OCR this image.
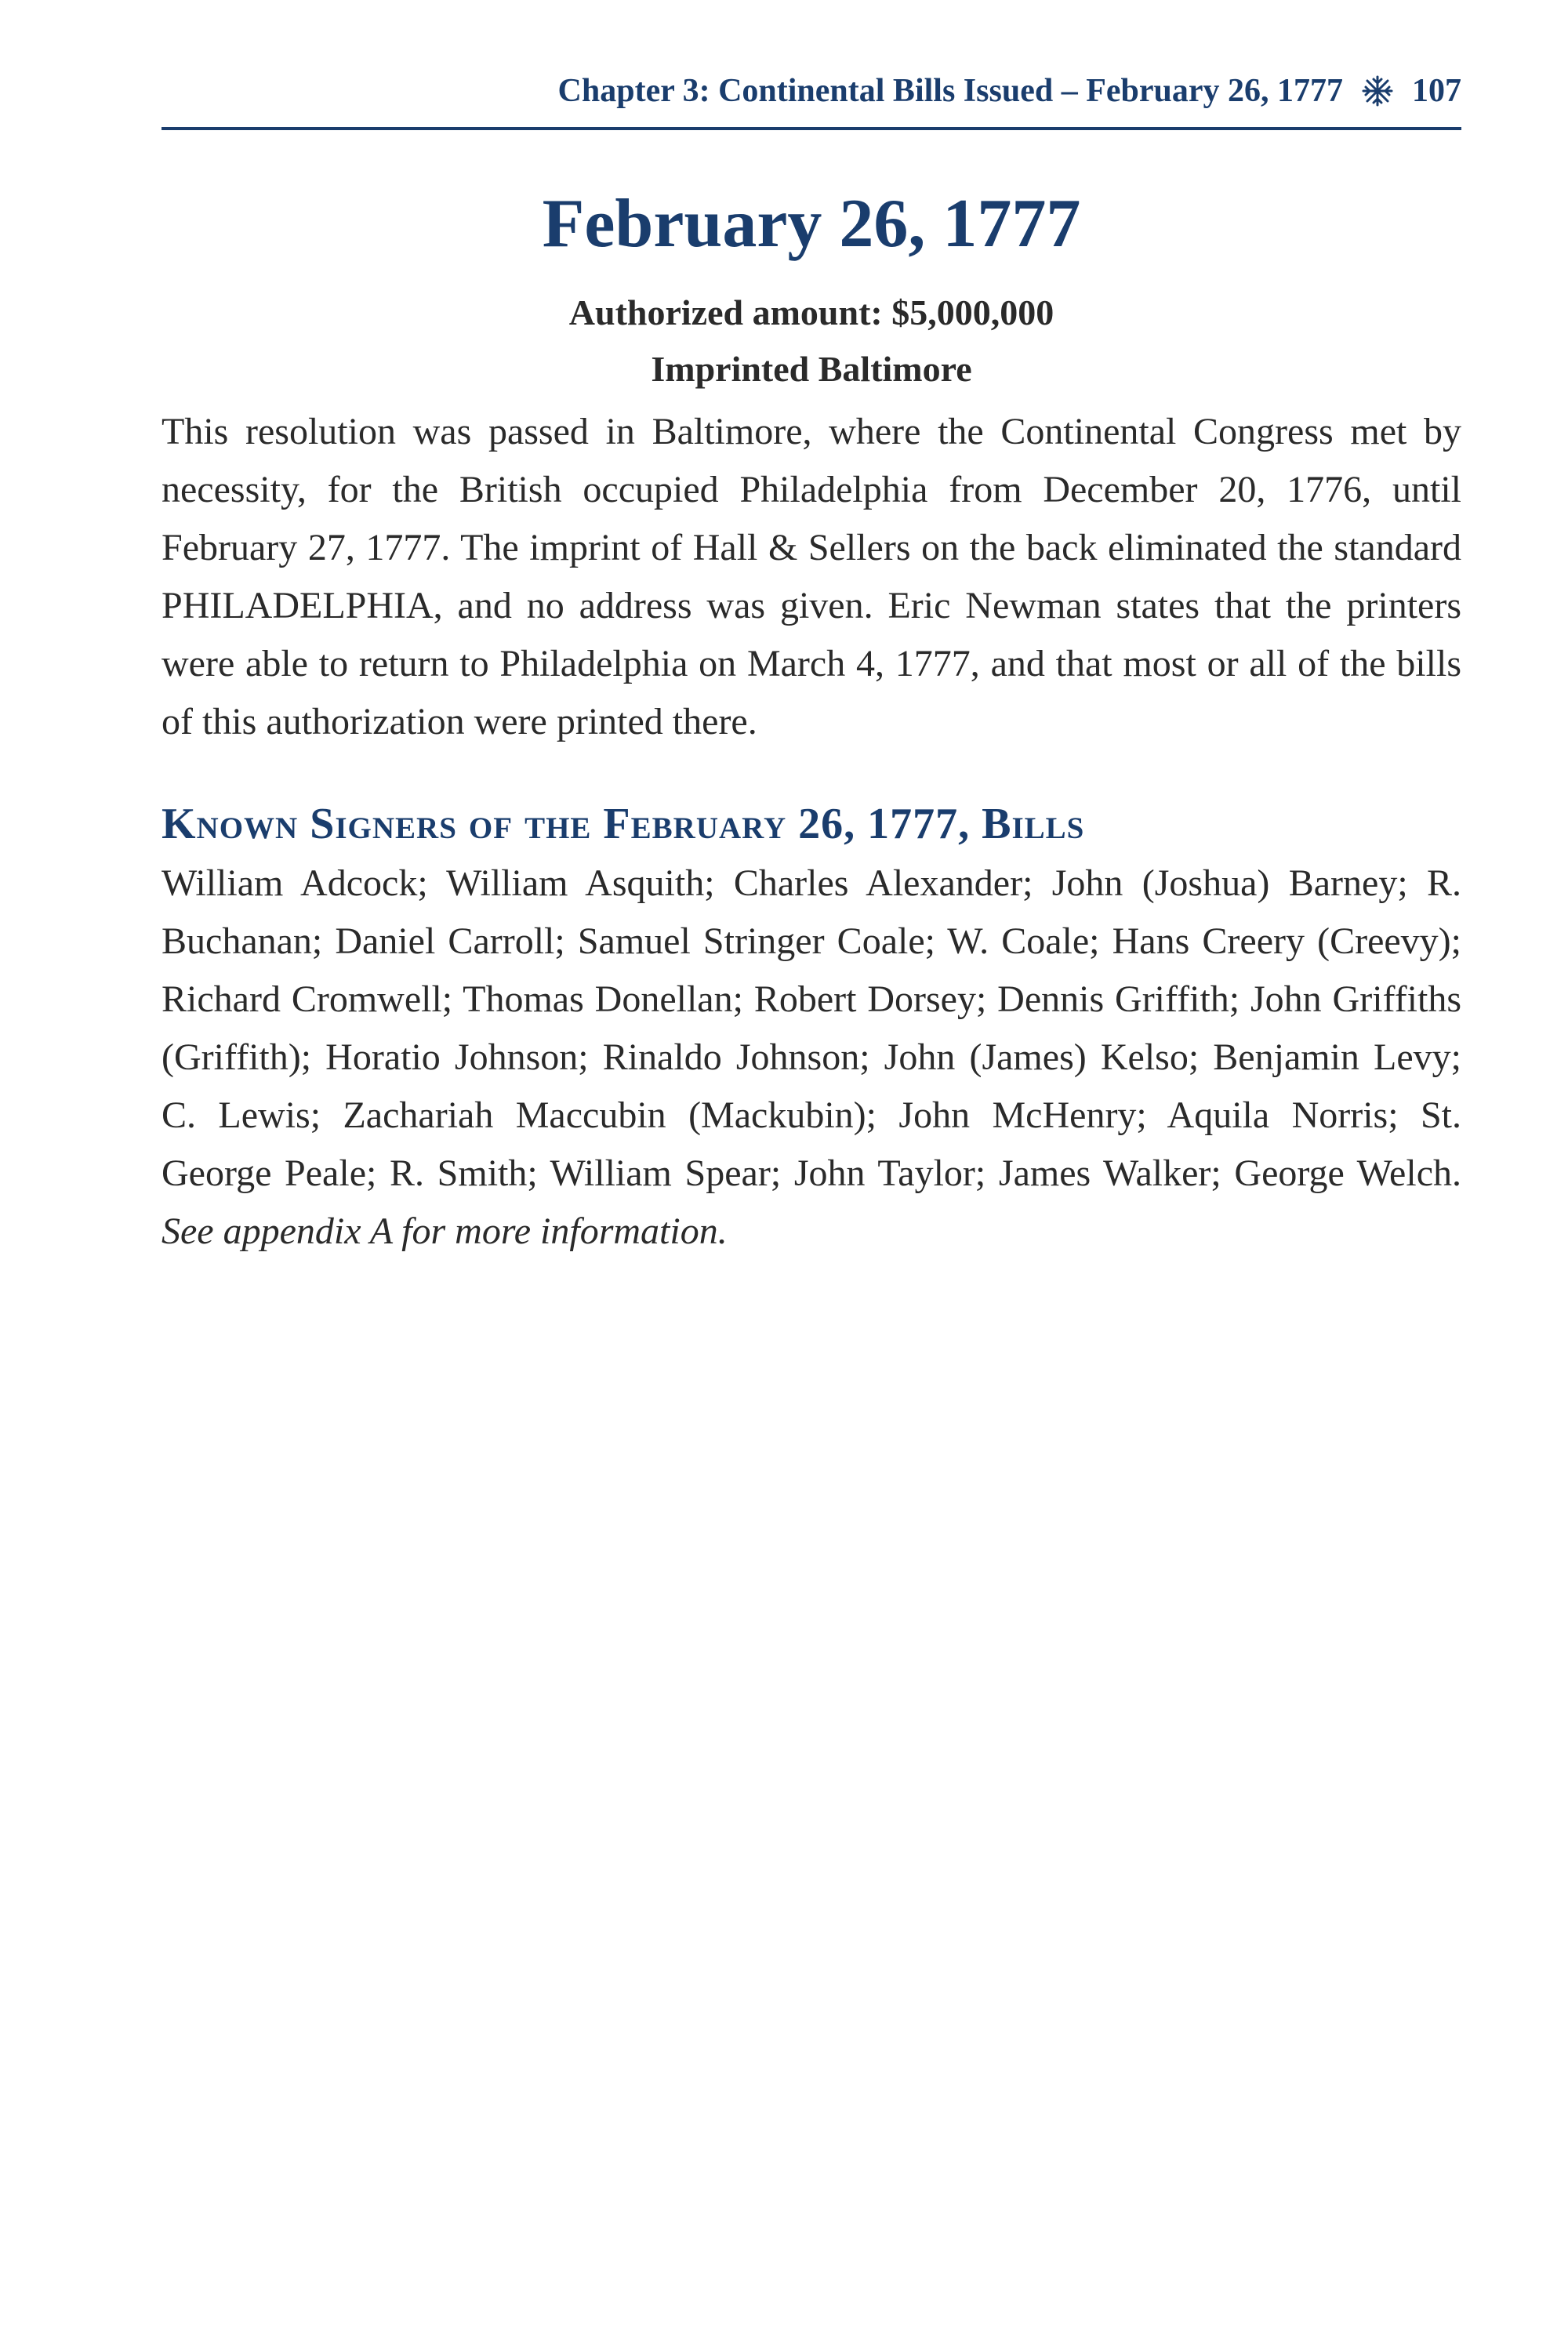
Chapter 3: Continental Bills Issued – February 26, 1777 107
February 26, 1777
Authorized amount: $5,000,000
Imprinted Baltimore

This resolution was passed in Baltimore, where the Continental Congress met by necessity, for the British occupied Philadelphia from December 20, 1776, until February 27, 1777. The imprint of Hall & Sellers on the back eliminated the standard PHILADELPHIA, and no address was given. Eric Newman states that the printers were able to return to Philadelphia on March 4, 1777, and that most or all of the bills of this authorization were printed there.

Known Signers of the February 26, 1777, Bills

William Adcock; William Asquith; Charles Alexander; John (Joshua) Barney; R. Buchanan; Daniel Carroll; Samuel Stringer Coale; W. Coale; Hans Creery (Creevy); Richard Cromwell; Thomas Donellan; Robert Dorsey; Dennis Griffith; John Griffiths (Griffith); Horatio Johnson; Rinaldo Johnson; John (James) Kelso; Benjamin Levy; C. Lewis; Zachariah Maccubin (Mackubin); John McHenry; Aquila Norris; St. George Peale; R. Smith; William Spear; John Taylor; James Walker; George Welch. See appendix A for more information.
